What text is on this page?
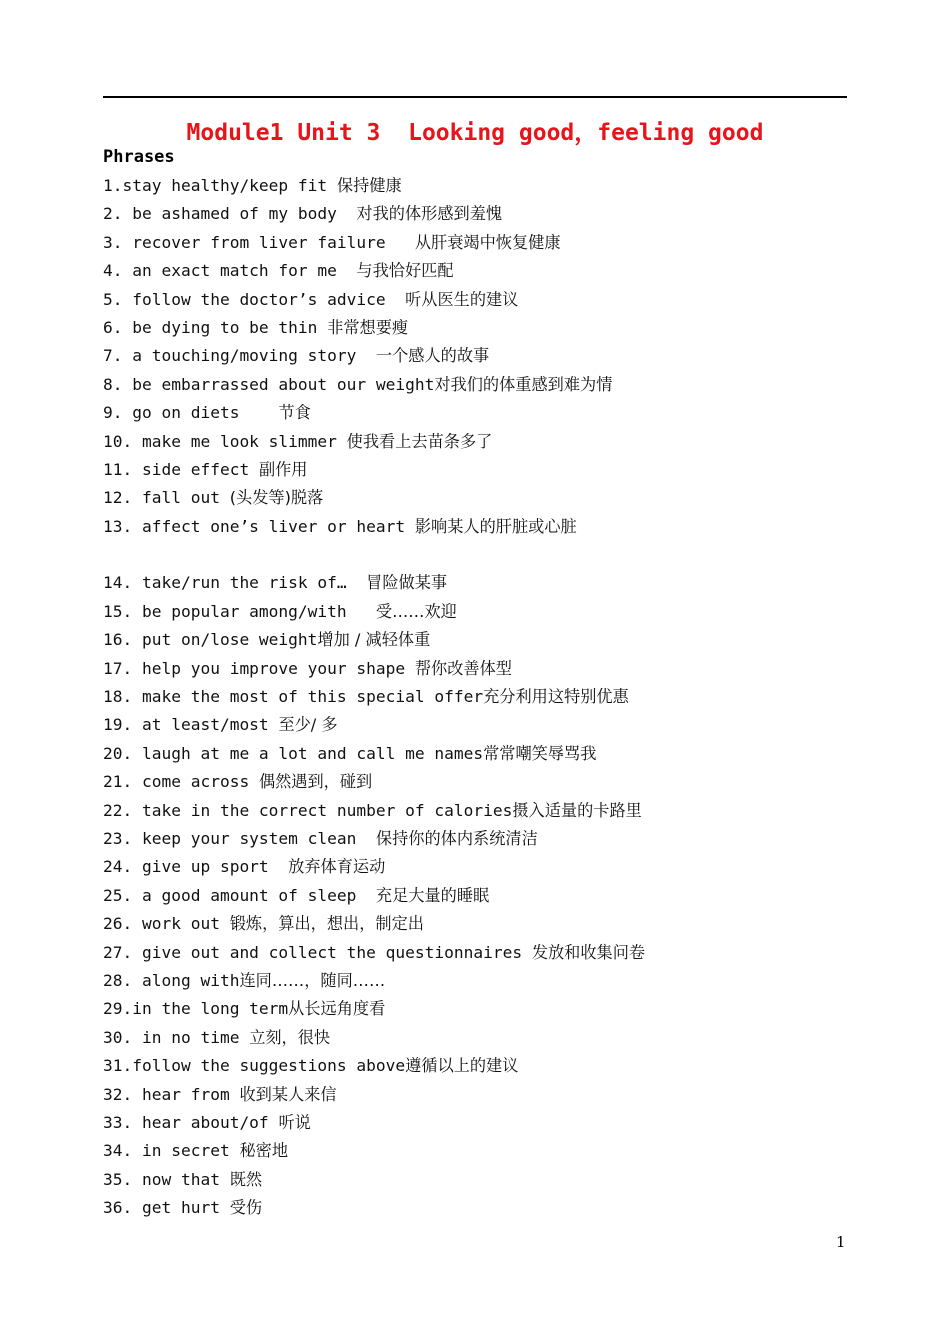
Module1 Unit 3  Looking good，feeling good
Phrases
1.stay healthy/keep fit 保持健康
2. be ashamed of my body  对我的体形感到羞愧
3. recover from liver failure   从肝衰竭中恢复健康
4. an exact match for me  与我恰好匹配
5. follow the doctor’s advice  听从医生的建议
6. be dying to be thin 非常想要瘦
7. a touching/moving story  一个感人的故事
8. be embarrassed about our weight对我们的体重感到难为情
9. go on diets    节食
10. make me look slimmer 使我看上去苗条多了
11. side effect 副作用
12. fall out (头发等)脱落
13. affect one’s liver or heart 影响某人的肝脏或心脏
14. take/run the risk of…  冒险做某事
15. be popular among/with   受……欢迎
16. put on/lose weight增加 / 减轻体重
17. help you improve your shape 帮你改善体型
18. make the most of this special offer充分利用这特别优惠
19. at least/most 至少/ 多
20. laugh at me a lot and call me names常常嘲笑辱骂我
21. come across 偶然遇到，碰到
22. take in the correct number of calories摄入适量的卡路里
23. keep your system clean  保持你的体内系统清洁
24. give up sport  放弃体育运动
25. a good amount of sleep  充足大量的睡眠
26. work out 锻炼，算出，想出，制定出
27. give out and collect the questionnaires 发放和收集问卷
28. along with连同……，随同……
29.in the long term从长远角度看
30. in no time 立刻，很快
31.follow the suggestions above遵循以上的建议
32. hear from 收到某人来信
33. hear about/of 听说
34. in secret 秘密地
35. now that 既然
36. get hurt 受伤
1
